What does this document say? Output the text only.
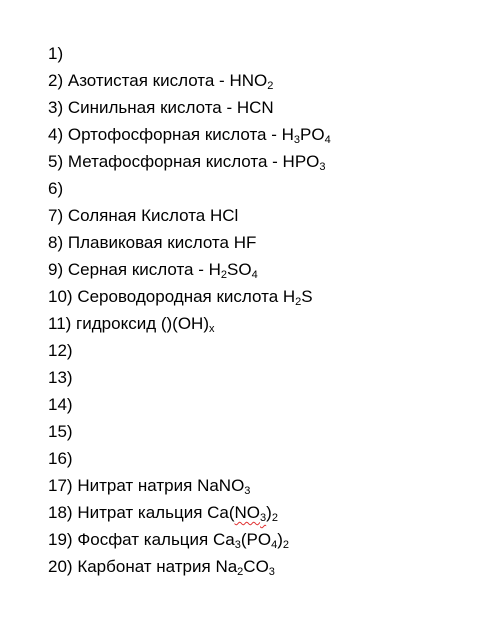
1)
2) Азотистая кислота - $HNO_2$
3) Синильная кислота - HCN
4) Ортофосфорная кислота - $H_3PO_4$
5) Метафосфорная кислота - $HPO_3$
6)
7) Соляная Кислота HCl
8) Плавиковая кислота HF
9) Серная кислота - $H_2SO_4$
10) Сероводородная кислота $H_2S$
11) гидроксид $()(OH)_x$
12)
13)
14)
15)
16)
17) Нитрат натрия NaNO$_3$
18) Нитрат кальция $Ca(NO_3)_2$
19) Фосфат кальция $Ca_3(PO_4)_2$
20) Карбонат натрия $Na_2CO_3$
